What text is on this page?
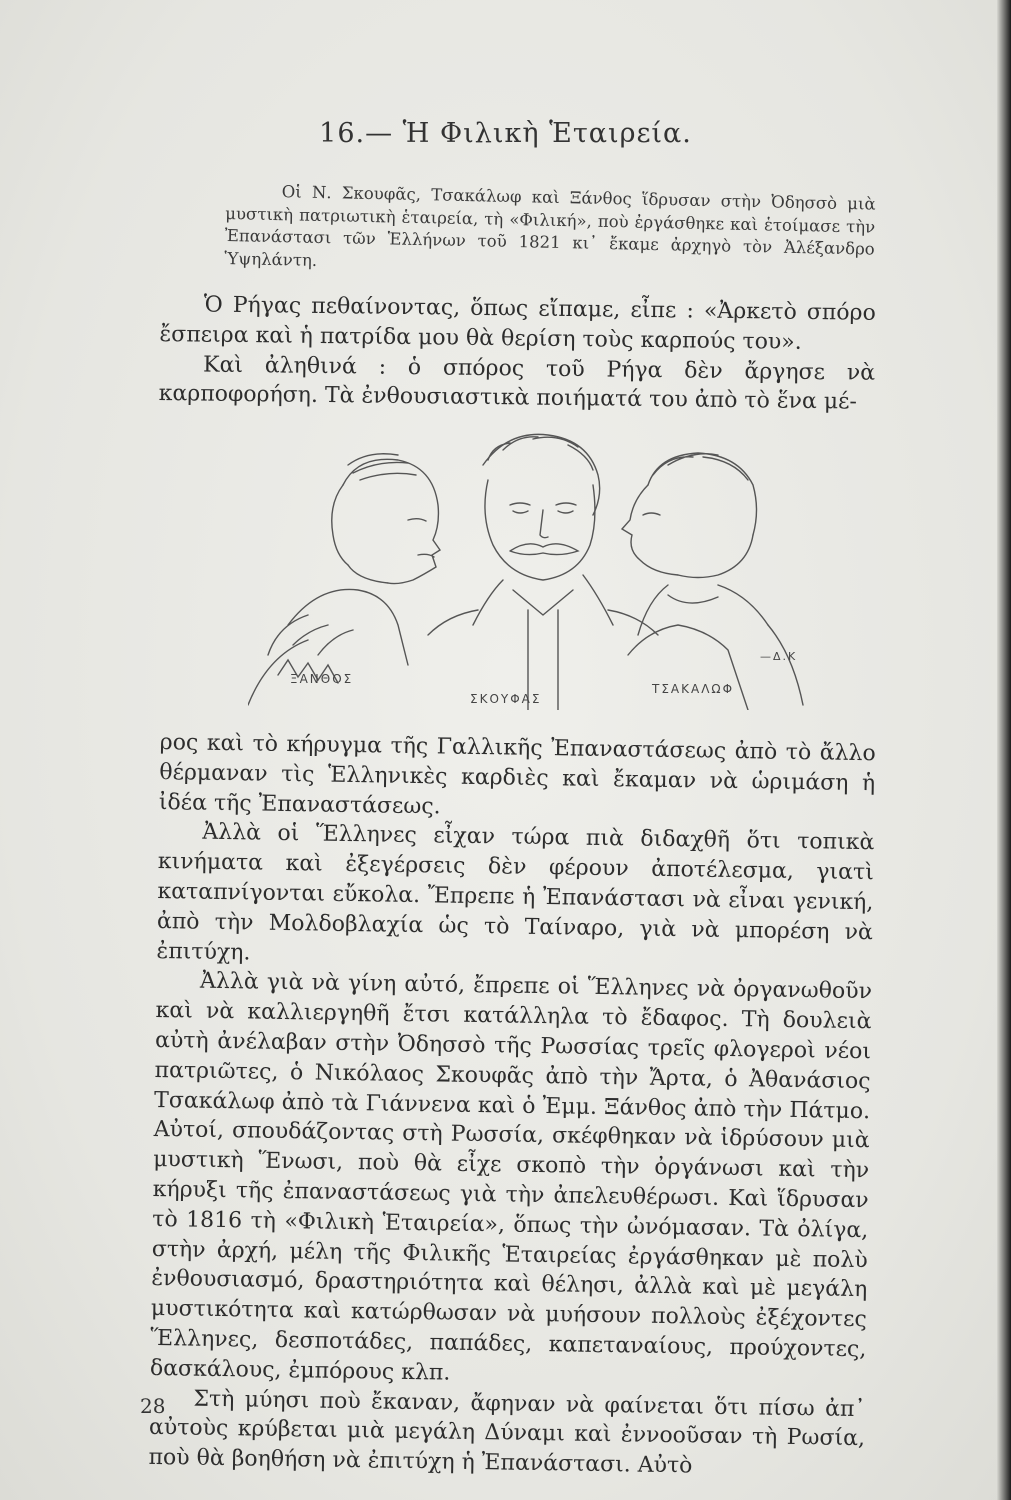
16.— Ἡ Φιλικὴ Ἑταιρεία.
Οἱ Ν. Σκουφᾶς, Τσακάλωφ καὶ Ξάνθος ἵδρυσαν στὴν Ὀδησσὸ μιὰ μυστικὴ πατριωτικὴ ἑταιρεία, τὴ «Φιλική», ποὺ ἐργάσθηκε καὶ ἑτοίμασε τὴν Ἐπανάστασι τῶν Ἑλλήνων τοῦ 1821 κι᾽ ἔκαμε ἀρχηγὸ τὸν Ἀλέξανδρο Ὑψηλάντη.

Ὁ Ρήγας πεθαίνοντας, ὅπως εἴπαμε, εἶπε : «Ἀρκετὸ σπόρο ἔσπειρα καὶ ἡ πατρίδα μου θὰ θερίση τοὺς καρπούς του».

Καὶ ἀληθινά : ὁ σπόρος τοῦ Ρήγα δὲν ἄργησε νὰ καρποφορήση. Τὰ ἐνθουσιαστικὰ ποιήματά του ἀπὸ τὸ ἕνα μέ-

ΞΑΝΘΟΣ
ΣΚΟΥΦΑΣ
ΤΣΑΚΑΛΩΦ
—Δ.Κ

ρος καὶ τὸ κήρυγμα τῆς Γαλλικῆς Ἐπαναστάσεως ἀπὸ τὸ ἄλλο θέρμαναν τὶς Ἑλληνικὲς καρδιὲς καὶ ἔκαμαν νὰ ὡριμάση ἡ ἰδέα τῆς Ἐπαναστάσεως.

Ἀλλὰ οἱ Ἕλληνες εἶχαν τώρα πιὰ διδαχθῆ ὅτι τοπικὰ κινήματα καὶ ἐξεγέρσεις δὲν φέρουν ἀποτέλεσμα, γιατὶ καταπνίγονται εὔκολα. Ἔπρεπε ἡ Ἐπανάστασι νὰ εἶναι γενική, ἀπὸ τὴν Μολδοβλαχία ὡς τὸ Ταίναρο, γιὰ νὰ μπορέση νὰ ἐπιτύχη.

Ἀλλὰ γιὰ νὰ γίνη αὐτό, ἔπρεπε οἱ Ἕλληνες νὰ ὀργανωθοῦν καὶ νὰ καλλιεργηθῆ ἔτσι κατάλληλα τὸ ἔδαφος. Τὴ δουλειὰ αὐτὴ ἀνέλαβαν στὴν Ὀδησσὸ τῆς Ρωσσίας τρεῖς φλογεροὶ νέοι πατριῶτες, ὁ Νικόλαος Σκουφᾶς ἀπὸ τὴν Ἄρτα, ὁ Ἀθανάσιος Τσακάλωφ ἀπὸ τὰ Γιάννενα καὶ ὁ Ἐμμ. Ξάνθος ἀπὸ τὴν Πάτμο. Αὐτοί, σπουδάζοντας στὴ Ρωσσία, σκέφθηκαν νὰ ἱδρύσουν μιὰ μυστικὴ Ἕνωσι, ποὺ θὰ εἶχε σκοπὸ τὴν ὀργάνωσι καὶ τὴν κήρυξι τῆς ἐπαναστάσεως γιὰ τὴν ἀπελευθέρωσι. Καὶ ἵδρυσαν τὸ 1816 τὴ «Φιλικὴ Ἑταιρεία», ὅπως τὴν ὠνόμασαν. Τὰ ὀλίγα, στὴν ἀρχή, μέλη τῆς Φιλικῆς Ἑταιρείας ἐργάσθηκαν μὲ πολὺ ἐνθουσιασμό, δραστηριότητα καὶ θέλησι, ἀλλὰ καὶ μὲ μεγάλη μυστικότητα καὶ κατώρθωσαν νὰ μυήσουν πολλοὺς ἐξέχοντες Ἕλληνες, δεσποτάδες, παπάδες, καπεταναίους, προύχοντες, δασκάλους, ἐμπόρους κλπ.

Στὴ μύησι ποὺ ἔκαναν, ἄφηναν νὰ φαίνεται ὅτι πίσω ἀπ᾽ αὐτοὺς κρύβεται μιὰ μεγάλη Δύναμι καὶ ἐννοοῦσαν τὴ Ρωσία, ποὺ θὰ βοηθήση νὰ ἐπιτύχη ἡ Ἐπανάστασι. Αὐτὸ

28
